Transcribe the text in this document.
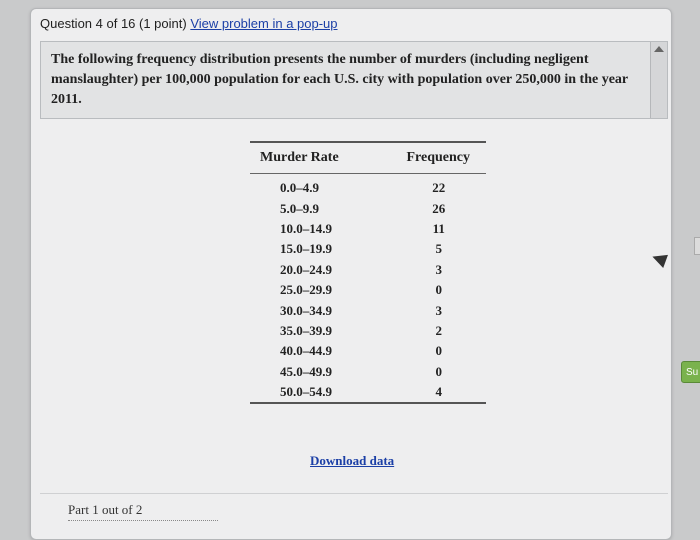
Question 4 of 16 (1 point) View problem in a pop-up
The following frequency distribution presents the number of murders (including negligent manslaughter) per 100,000 population for each U.S. city with population over 250,000 in the year 2011.
Murder Rate	Frequency
0.0–4.9	22
5.0–9.9	26
10.0–14.9	11
15.0–19.9	5
20.0–24.9	3
25.0–29.9	0
30.0–34.9	3
35.0–39.9	2
40.0–44.9	0
45.0–49.9	0
50.0–54.9	4
Download data
Part 1 out of 2
Su
